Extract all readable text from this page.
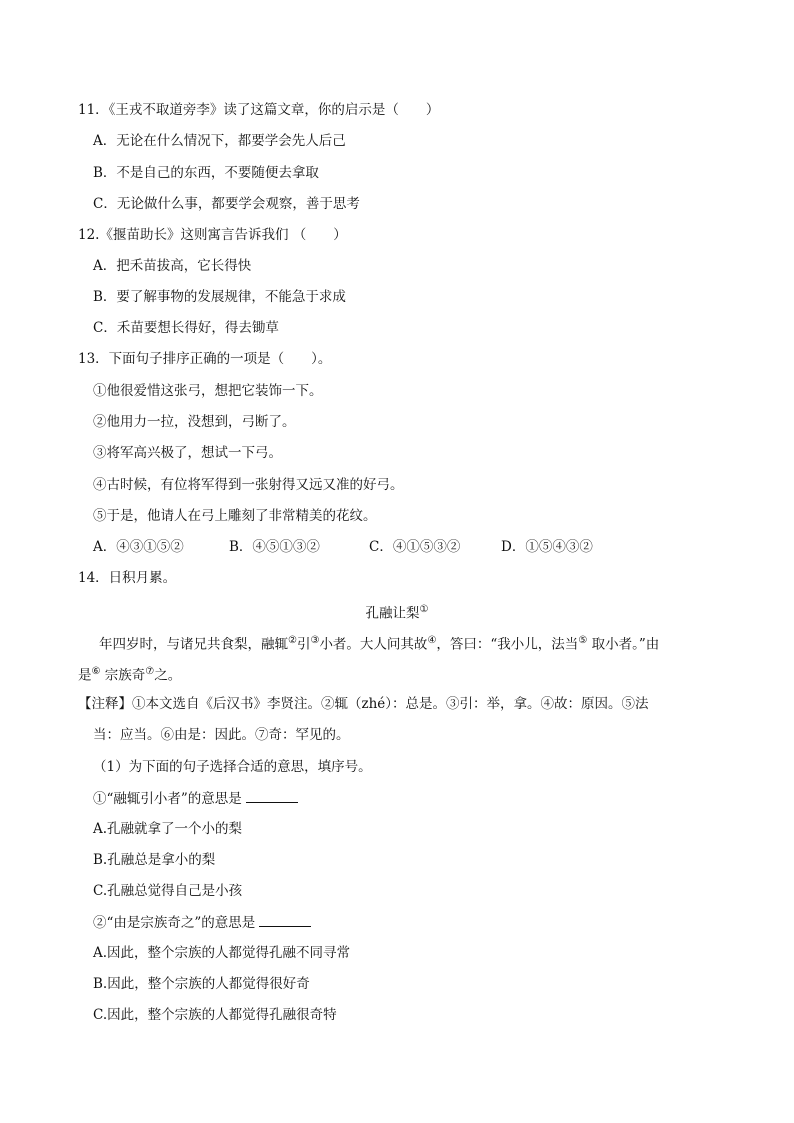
11．《王戎不取道旁李》读了这篇文章，你的启示是（　　）
A．无论在什么情况下，都要学会先人后己
B．不是自己的东西，不要随便去拿取
C．无论做什么事，都要学会观察，善于思考
12.《揠苗助长》这则寓言告诉我们 （　　）
A．把禾苗拔高，它长得快
B．要了解事物的发展规律，不能急于求成
C．禾苗要想长得好，得去锄草
13．下面句子排序正确的一项是（　　）。
①他很爱惜这张弓，想把它装饰一下。
②他用力一拉，没想到，弓断了。
③将军高兴极了，想试一下弓。
④古时候，有位将军得到一张射得又远又准的好弓。
⑤于是，他请人在弓上雕刻了非常精美的花纹。
A．④③①⑤②	B．④⑤①③②	C．④①⑤③②	D．①⑤④③②
14．日积月累。
孔融让梨①
年四岁时，与诸兄共食梨，融辄②引③小者。大人问其故④，答曰：“我小儿，法当⑤ 取小者。”由
是⑥ 宗族奇⑦之。
【注释】①本文选自《后汉书》李贤注。②辄（zhé）：总是。③引：举，拿。④故：原因。⑤法
当：应当。⑥由是：因此。⑦奇：罕见的。
（1）为下面的句子选择合适的意思，填序号。
①“融辄引小者”的意思是
A.孔融就拿了一个小的梨
B.孔融总是拿小的梨
C.孔融总觉得自己是小孩
②“由是宗族奇之”的意思是
A.因此，整个宗族的人都觉得孔融不同寻常
B.因此，整个宗族的人都觉得很好奇
C.因此，整个宗族的人都觉得孔融很奇特
